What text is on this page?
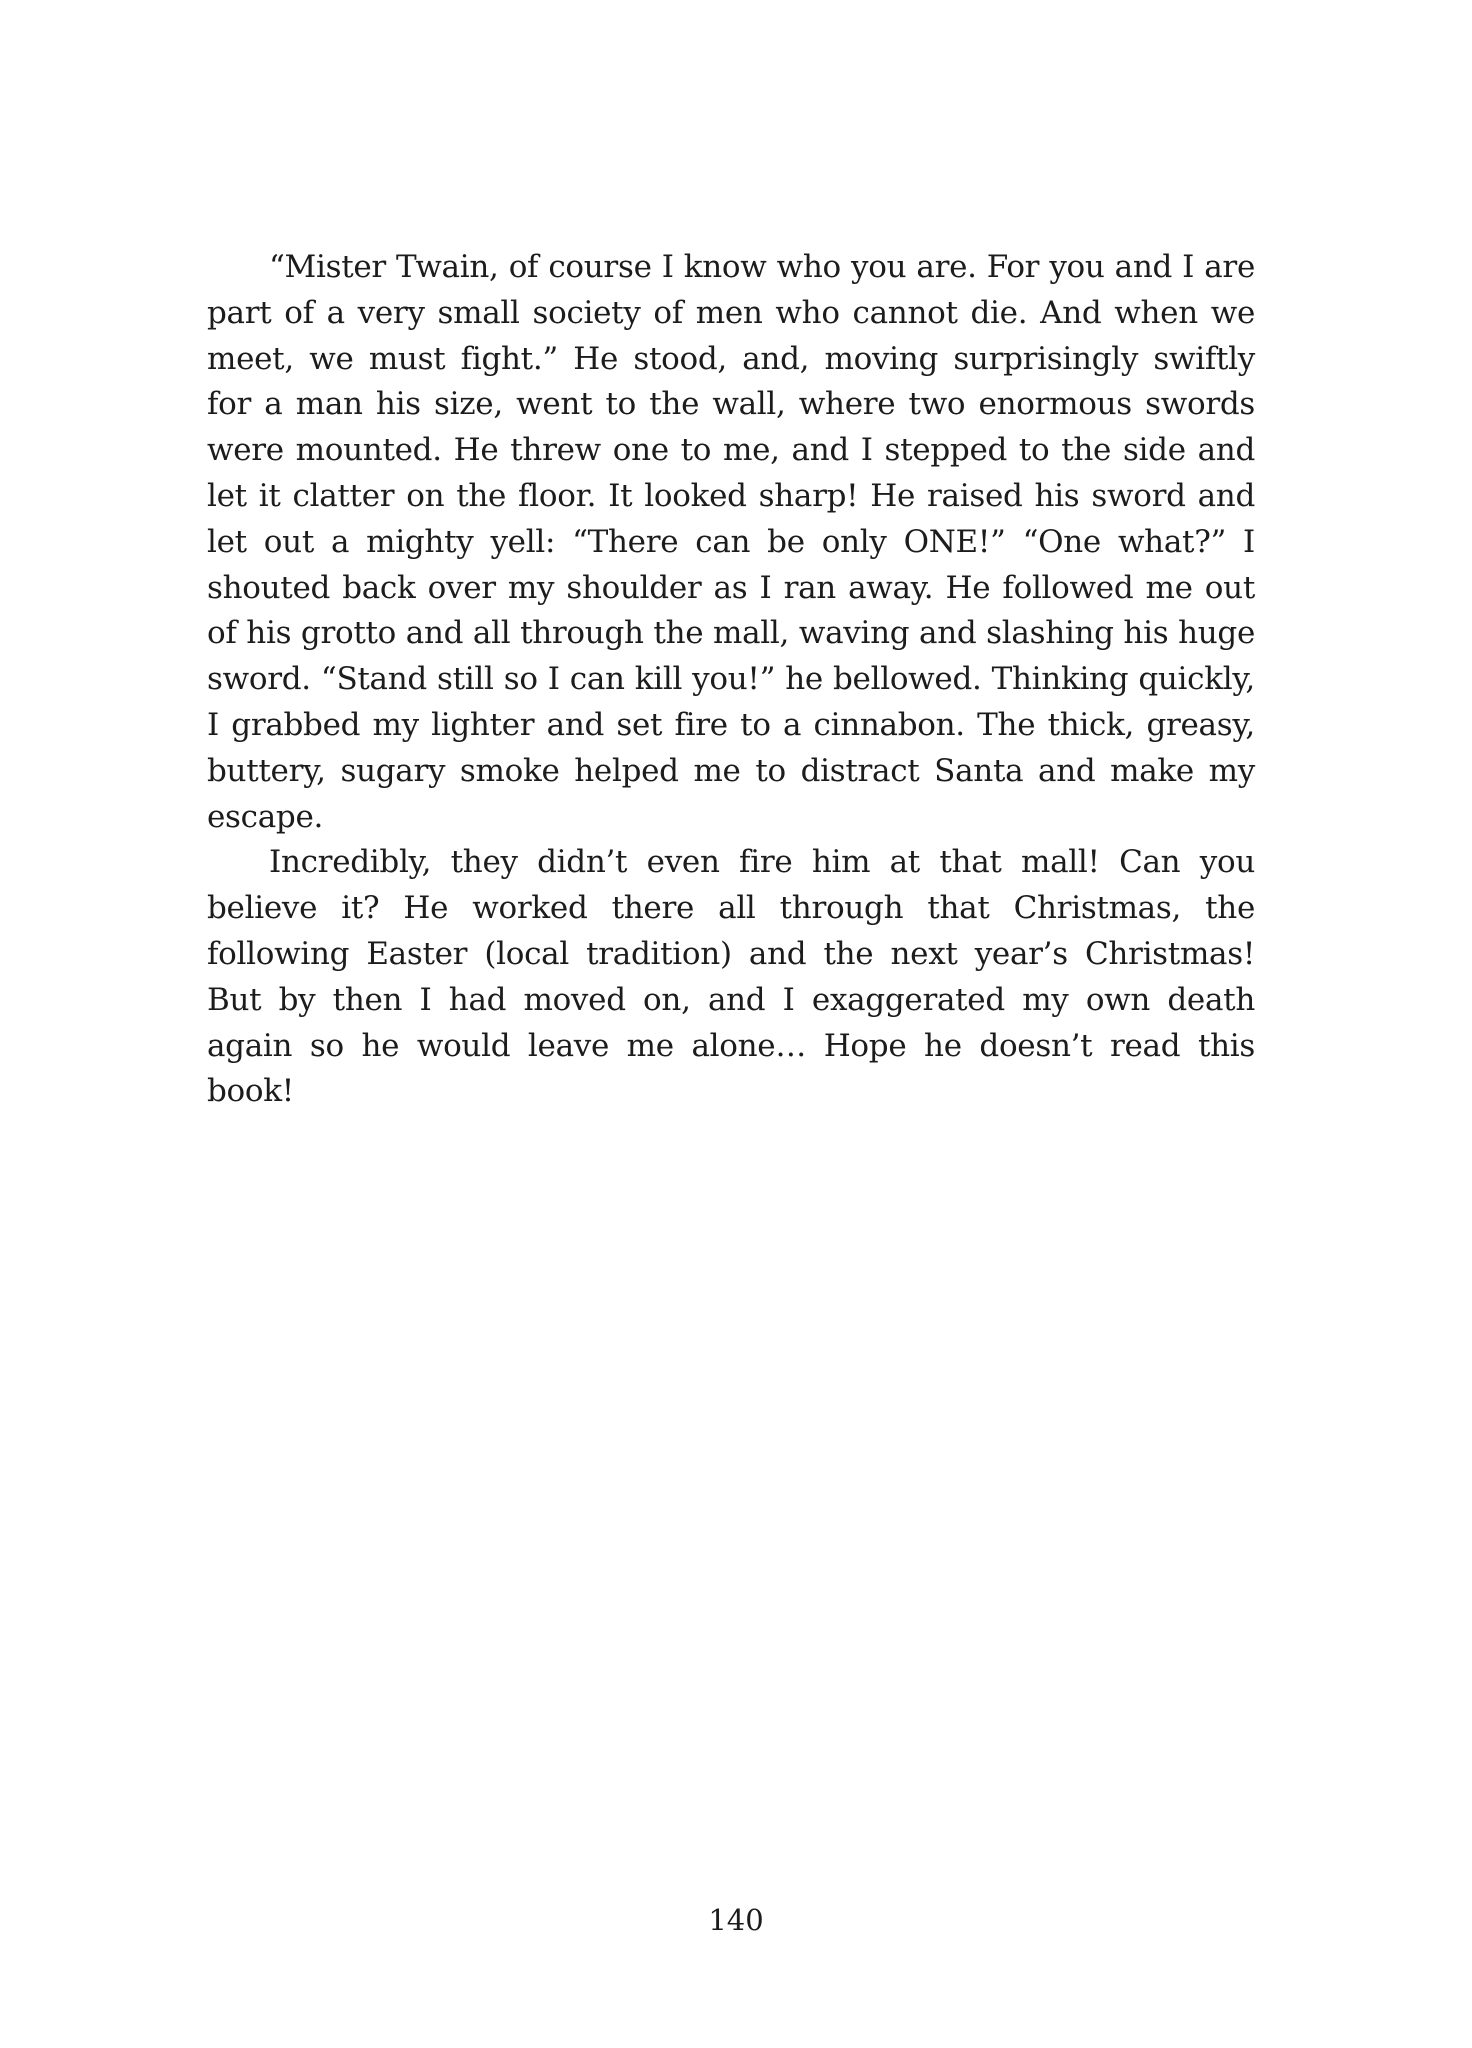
“Mister Twain, of course I know who you are. For you and I are part of a very small society of men who cannot die. And when we meet, we must fight.” He stood, and, moving surprisingly swiftly for a man his size, went to the wall, where two enormous swords were mounted. He threw one to me, and I stepped to the side and let it clatter on the floor. It looked sharp! He raised his sword and let out a mighty yell: “There can be only ONE!” “One what?” I shouted back over my shoulder as I ran away. He followed me out of his grotto and all through the mall, waving and slashing his huge sword. “Stand still so I can kill you!” he bellowed. Thinking quickly, I grabbed my lighter and set fire to a cinnabon. The thick, greasy, buttery, sugary smoke helped me to distract Santa and make my escape.

Incredibly, they didn’t even fire him at that mall! Can you believe it? He worked there all through that Christmas, the following Easter (local tradition) and the next year’s Christmas! But by then I had moved on, and I exaggerated my own death again so he would leave me alone… Hope he doesn’t read this book!

140
